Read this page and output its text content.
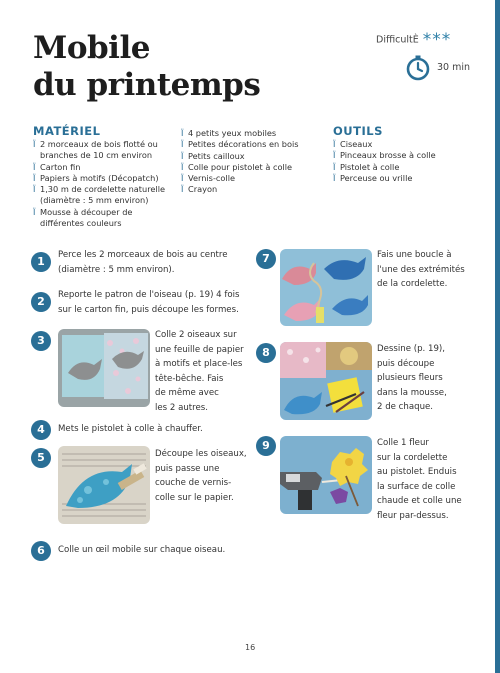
Mobile
du printemps
DifficultÈ ***
30 min
MATÉRIEL
Ï 2 morceaux de bois flotté ou branches de 10 cm environ
Ï Carton fin
Ï Papiers à motifs (Décopatch)
Ï 1,30 m de cordelette naturelle (diamètre : 5 mm environ)
Ï Mousse à découper de différentes couleurs
Ï 4 petits yeux mobiles
Ï Petites décorations en bois
Ï Petits cailloux
Ï Colle pour pistolet à colle
Ï Vernis-colle
Ï Crayon
OUTILS
Ï Ciseaux
Ï Pinceaux brosse à colle
Ï Pistolet à colle
Ï Perceuse ou vrille
1	Perce les 2 morceaux de bois au centre
(diamètre : 5 mm environ).

2	Reporte le patron de l'oiseau (p. 19) 4 fois
sur le carton fin, puis découpe les formes.

3	Colle 2 oiseaux sur
une feuille de papier
à motifs et place-les
tête-bêche. Fais
de même avec
les 2 autres.

4	Mets le pistolet à colle à chauffer.

5	Découpe les oiseaux,
puis passe une
couche de vernis-
colle sur le papier.

6	Colle un œil mobile sur chaque oiseau.

7	Fais une boucle à
l'une des extrémités
de la cordelette.

8	Dessine (p. 19),
puis découpe
plusieurs fleurs
dans la mousse,
2 de chaque.

9	Colle 1 fleur
sur la cordelette
au pistolet. Enduis
la surface de colle
chaude et colle une
fleur par-dessus.

16
